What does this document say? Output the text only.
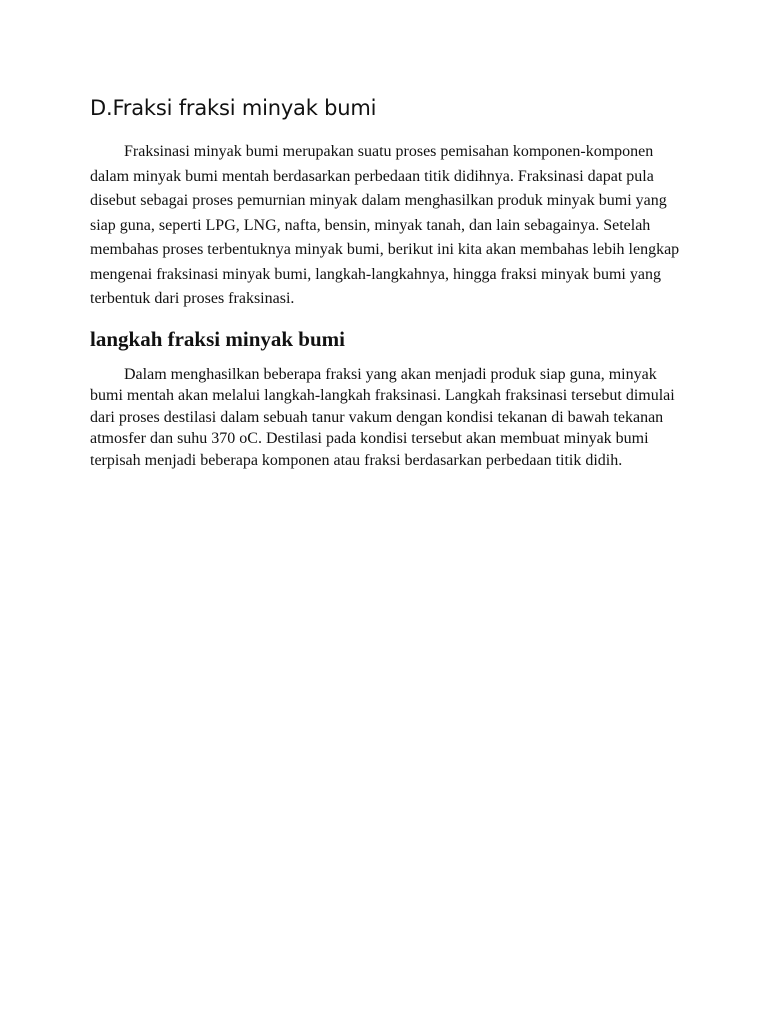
D.Fraksi fraksi minyak bumi

Fraksinasi minyak bumi merupakan suatu proses pemisahan komponen-komponen dalam minyak bumi mentah berdasarkan perbedaan titik didihnya. Fraksinasi dapat pula disebut sebagai proses pemurnian minyak dalam menghasilkan produk minyak bumi yang siap guna, seperti LPG, LNG, nafta, bensin, minyak tanah, dan lain sebagainya. Setelah membahas proses terbentuknya minyak bumi, berikut ini kita akan membahas lebih lengkap mengenai fraksinasi minyak bumi, langkah-langkahnya, hingga fraksi minyak bumi yang terbentuk dari proses fraksinasi.

langkah fraksi minyak bumi

Dalam menghasilkan beberapa fraksi yang akan menjadi produk siap guna, minyak bumi mentah akan melalui langkah-langkah fraksinasi. Langkah fraksinasi tersebut dimulai dari proses destilasi dalam sebuah tanur vakum dengan kondisi tekanan di bawah tekanan atmosfer dan suhu 370 oC. Destilasi pada kondisi tersebut akan membuat minyak bumi terpisah menjadi beberapa komponen atau fraksi berdasarkan perbedaan titik didih.
